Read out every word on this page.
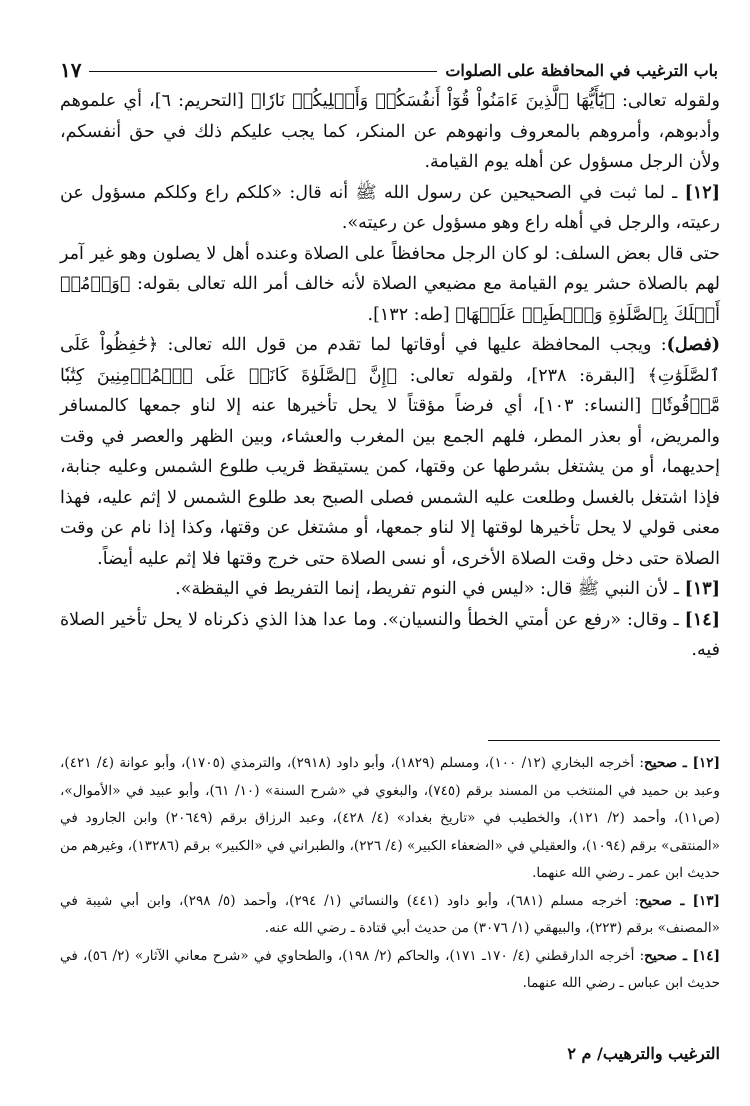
باب الترغيب في المحافظة على الصلوات
١٧

ولقوله تعالى: ﴿يَٰٓأَيُّهَا ٱلَّذِينَ ءَامَنُواْ قُوٓاْ أَنفُسَكُمۡ وَأَهۡلِيكُمۡ نَارٗا﴾ [التحريم: ٦]، أي علموهم وأدبوهم، وأمروهم بالمعروف وانهوهم عن المنكر، كما يجب عليكم ذلك في حق أنفسكم، ولأن الرجل مسؤول عن أهله يوم القيامة.

[١٢] ـ لما ثبت في الصحيحين عن رسول الله ﷺ أنه قال: «كلكم راع وكلكم مسؤول عن رعيته، والرجل في أهله راع وهو مسؤول عن رعيته».

حتى قال بعض السلف: لو كان الرجل محافظاً على الصلاة وعنده أهل لا يصلون وهو غير آمر لهم بالصلاة حشر يوم القيامة مع مضيعي الصلاة لأنه خالف أمر الله تعالى بقوله: ﴿وَأۡمُرۡ أَهۡلَكَ بِٱلصَّلَوٰةِ وَٱصۡطَبِرۡ عَلَيۡهَا﴾ [طه: ١٣٢].

(فصل): ويجب المحافظة عليها في أوقاتها لما تقدم من قول الله تعالى: ﴿حَٰفِظُواْ عَلَى ٱلصَّلَوَٰتِ﴾ [البقرة: ٢٣٨]، ولقوله تعالى: ﴿إِنَّ ٱلصَّلَوٰةَ كَانَتۡ عَلَى ٱلۡمُؤۡمِنِينَ كِتَٰبٗا مَّوۡقُوتٗا﴾ [النساء: ١٠٣]، أي فرضاً مؤقتاً لا يحل تأخيرها عنه إلا لناو جمعها كالمسافر والمريض، أو بعذر المطر، فلهم الجمع بين المغرب والعشاء، وبين الظهر والعصر في وقت إحديهما، أو من يشتغل بشرطها عن وقتها، كمن يستيقظ قريب طلوع الشمس وعليه جنابة، فإذا اشتغل بالغسل وطلعت عليه الشمس فصلى الصبح بعد طلوع الشمس لا إثم عليه، فهذا معنى قولي لا يحل تأخيرها لوقتها إلا لناو جمعها، أو مشتغل عن وقتها، وكذا إذا نام عن وقت الصلاة حتى دخل وقت الصلاة الأخرى، أو نسى الصلاة حتى خرج وقتها فلا إثم عليه أيضاً.

[١٣] ـ لأن النبي ﷺ قال: «ليس في النوم تفريط، إنما التفريط في اليقظة».

[١٤] ـ وقال: «رفع عن أمتي الخطأ والنسيان». وما عدا هذا الذي ذكرناه لا يحل تأخير الصلاة فيه.

[١٢] ـ صحيح: أخرجه البخاري (١٢/ ١٠٠)، ومسلم (١٨٢٩)، وأبو داود (٢٩١٨)، والترمذي (١٧٠٥)، وأبو عوانة (٤/ ٤٢١)، وعبد بن حميد في المنتخب من المسند برقم (٧٤٥)، والبغوي في «شرح السنة» (١٠/ ٦١)، وأبو عبيد في «الأموال»، (ص١١)، وأحمد (٢/ ١٢١)، والخطيب في «تاريخ بغداد» (٤/ ٤٢٨)، وعبد الرزاق برقم (٢٠٦٤٩) وابن الجارود في «المنتقى» برقم (١٠٩٤)، والعقيلي في «الضعفاء الكبير» (٤/ ٢٢٦)، والطبراني في «الكبير» برقم (١٣٢٨٦)، وغيرهم من حديث ابن عمر ـ رضي الله عنهما.

[١٣] ـ صحيح: أخرجه مسلم (٦٨١)، وأبو داود (٤٤١) والنسائي (١/ ٢٩٤)، وأحمد (٥/ ٢٩٨)، وابن أبي شيبة في «المصنف» برقم (٢٢٣)، والبيهقي (١/ ٣٠٧٦) من حديث أبي قتادة ـ رضي الله عنه.

[١٤] ـ صحيح: أخرجه الدارقطني (٤/ ١٧٠ـ ١٧١)، والحاكم (٢/ ١٩٨)، والطحاوي في «شرح معاني الآثار» (٢/ ٥٦)، في حديث ابن عباس ـ رضي الله عنهما.

الترغيب والترهيب/ م ٢
